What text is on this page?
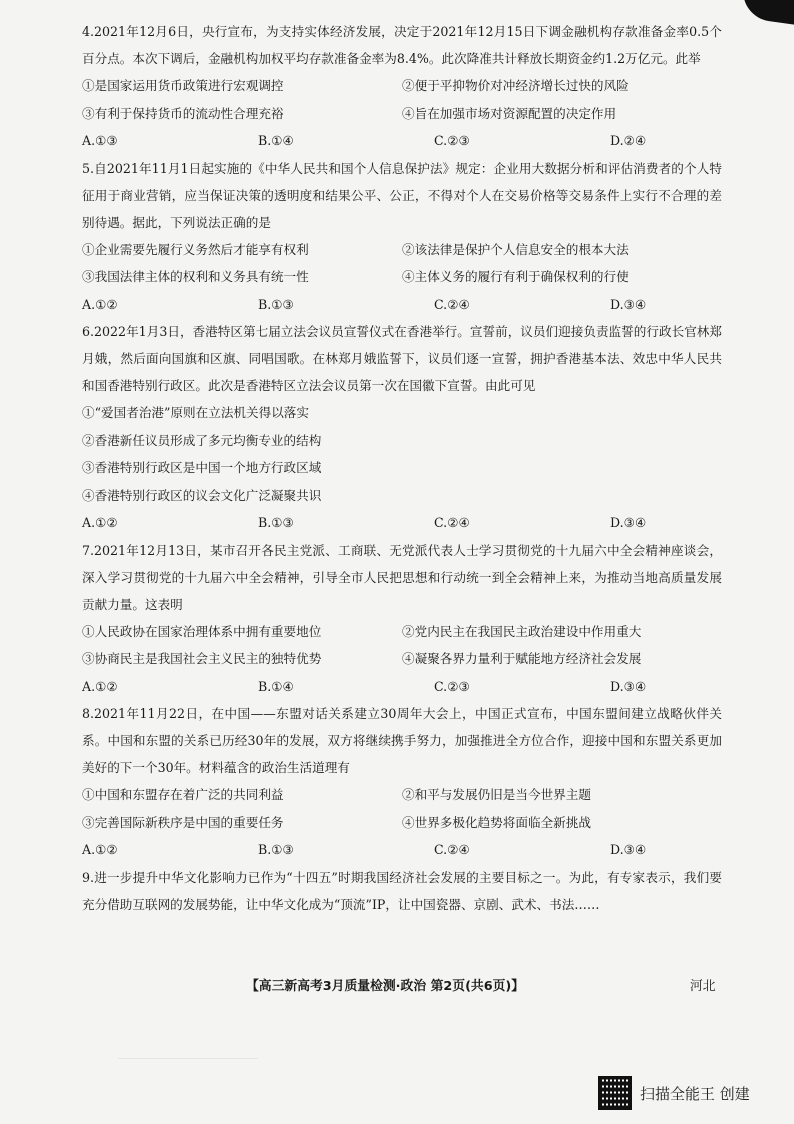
4.2021年12月6日，央行宣布，为支持实体经济发展，决定于2021年12月15日下调金融机构存款准备金率0.5个百分点。本次下调后，金融机构加权平均存款准备金率为8.4%。此次降准共计释放长期资金约1.2万亿元。此举

①是国家运用货币政策进行宏观调控	②便于平抑物价对冲经济增长过快的风险
③有利于保持货币的流动性合理充裕	④旨在加强市场对资源配置的决定作用
A.①③	B.①④	C.②③	D.②④

5.自2021年11月1日起实施的《中华人民共和国个人信息保护法》规定：企业用大数据分析和评估消费者的个人特征用于商业营销，应当保证决策的透明度和结果公平、公正，不得对个人在交易价格等交易条件上实行不合理的差别待遇。据此，下列说法正确的是

①企业需要先履行义务然后才能享有权利	②该法律是保护个人信息安全的根本大法
③我国法律主体的权利和义务具有统一性	④主体义务的履行有利于确保权利的行使
A.①②	B.①③	C.②④	D.③④

6.2022年1月3日，香港特区第七届立法会议员宣誓仪式在香港举行。宣誓前，议员们迎接负责监誓的行政长官林郑月娥，然后面向国旗和区旗、同唱国歌。在林郑月娥监誓下，议员们逐一宣誓，拥护香港基本法、效忠中华人民共和国香港特别行政区。此次是香港特区立法会议员第一次在国徽下宣誓。由此可见

①“爱国者治港”原则在立法机关得以落实
②香港新任议员形成了多元均衡专业的结构
③香港特别行政区是中国一个地方行政区域
④香港特别行政区的议会文化广泛凝聚共识
A.①②	B.①③	C.②④	D.③④

7.2021年12月13日，某市召开各民主党派、工商联、无党派代表人士学习贯彻党的十九届六中全会精神座谈会，深入学习贯彻党的十九届六中全会精神，引导全市人民把思想和行动统一到全会精神上来，为推动当地高质量发展贡献力量。这表明

①人民政协在国家治理体系中拥有重要地位	②党内民主在我国民主政治建设中作用重大
③协商民主是我国社会主义民主的独特优势	④凝聚各界力量利于赋能地方经济社会发展
A.①②	B.①④	C.②③	D.③④

8.2021年11月22日，在中国——东盟对话关系建立30周年大会上，中国正式宣布，中国东盟间建立战略伙伴关系。中国和东盟的关系已历经30年的发展，双方将继续携手努力，加强推进全方位合作，迎接中国和东盟关系更加美好的下一个30年。材料蕴含的政治生活道理有

①中国和东盟存在着广泛的共同利益	②和平与发展仍旧是当今世界主题
③完善国际新秩序是中国的重要任务	④世界多极化趋势将面临全新挑战
A.①②	B.①③	C.②④	D.③④

9.进一步提升中华文化影响力已作为“十四五”时期我国经济社会发展的主要目标之一。为此，有专家表示，我们要充分借助互联网的发展势能，让中华文化成为“顶流”IP，让中国瓷器、京剧、武术、书法……

【高三新高考3月质量检测·政治 第2页(共6页)】	河北
扫描全能王 创建
